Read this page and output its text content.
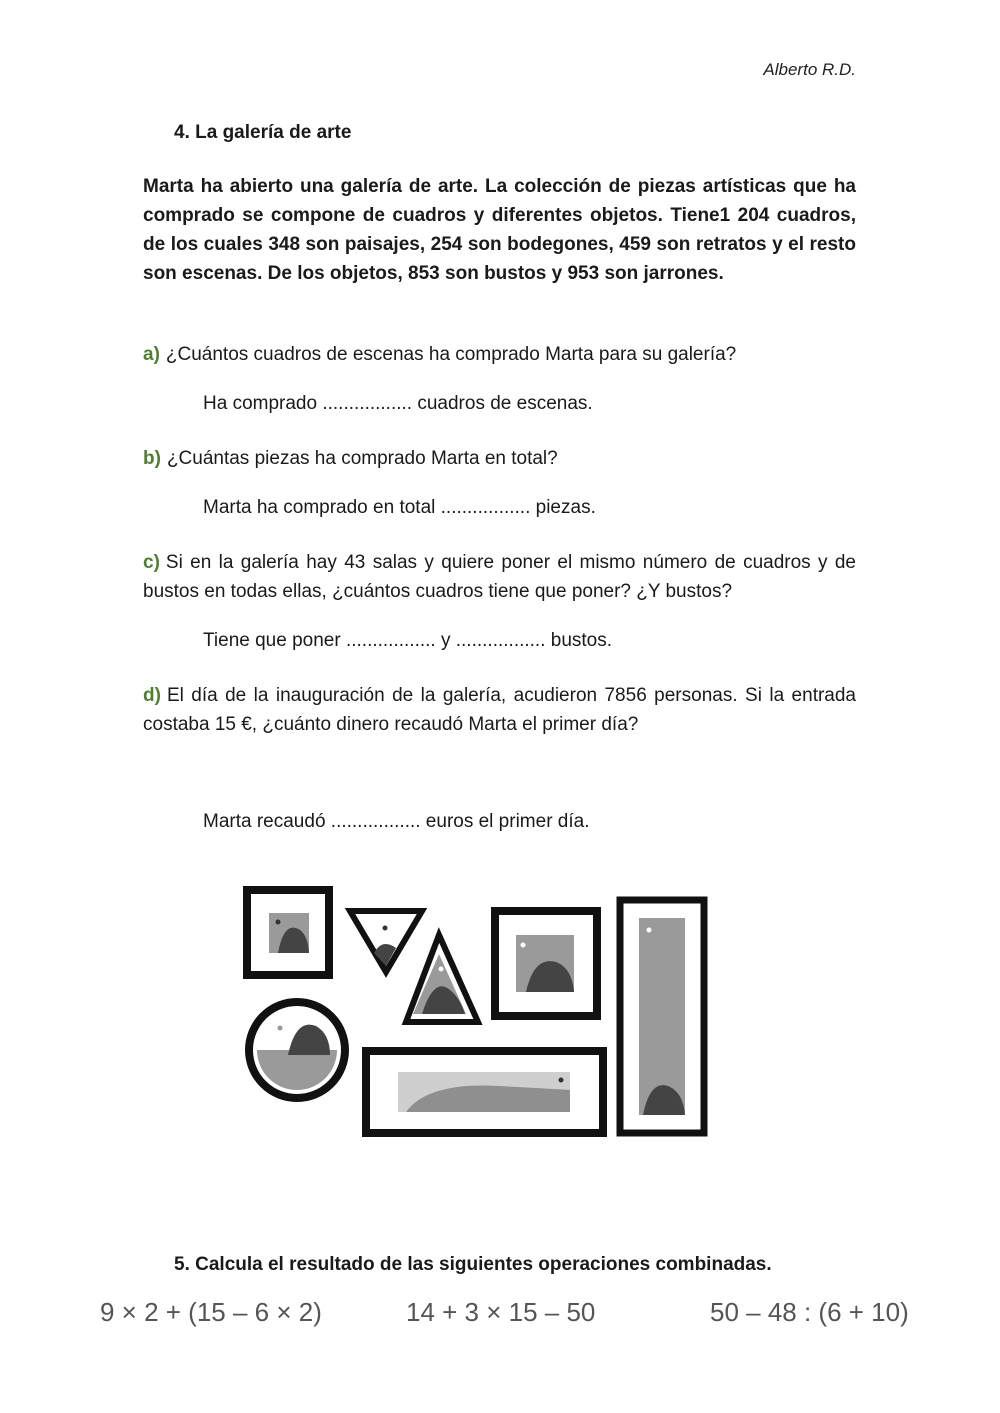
Alberto R.D.
4. La galería de arte
Marta ha abierto una galería de arte. La colección de piezas artísticas que ha comprado se compone de cuadros y diferentes objetos. Tiene1 204 cuadros, de los cuales 348 son paisajes, 254 son bodegones, 459 son retratos y el resto son escenas. De los objetos, 853 son bustos y 953 son jarrones.
a) ¿Cuántos cuadros de escenas ha comprado Marta para su galería?
Ha comprado ................. cuadros de escenas.
b) ¿Cuántas piezas ha comprado Marta en total?
Marta ha comprado en total ................. piezas.
c) Si en la galería hay 43 salas y quiere poner el mismo número de cuadros y de bustos en todas ellas, ¿cuántos cuadros tiene que poner? ¿Y bustos?
Tiene que poner ................. y ................. bustos.
d) El día de la inauguración de la galería, acudieron 7856 personas. Si la entrada costaba 15 €, ¿cuánto dinero recaudó Marta el primer día?
Marta recaudó ................. euros el primer día.
5. Calcula el resultado de las siguientes operaciones combinadas.
9 × 2 + (15 – 6 × 2)	14 + 3 × 15 – 50	50 – 48 : (6 + 10)
